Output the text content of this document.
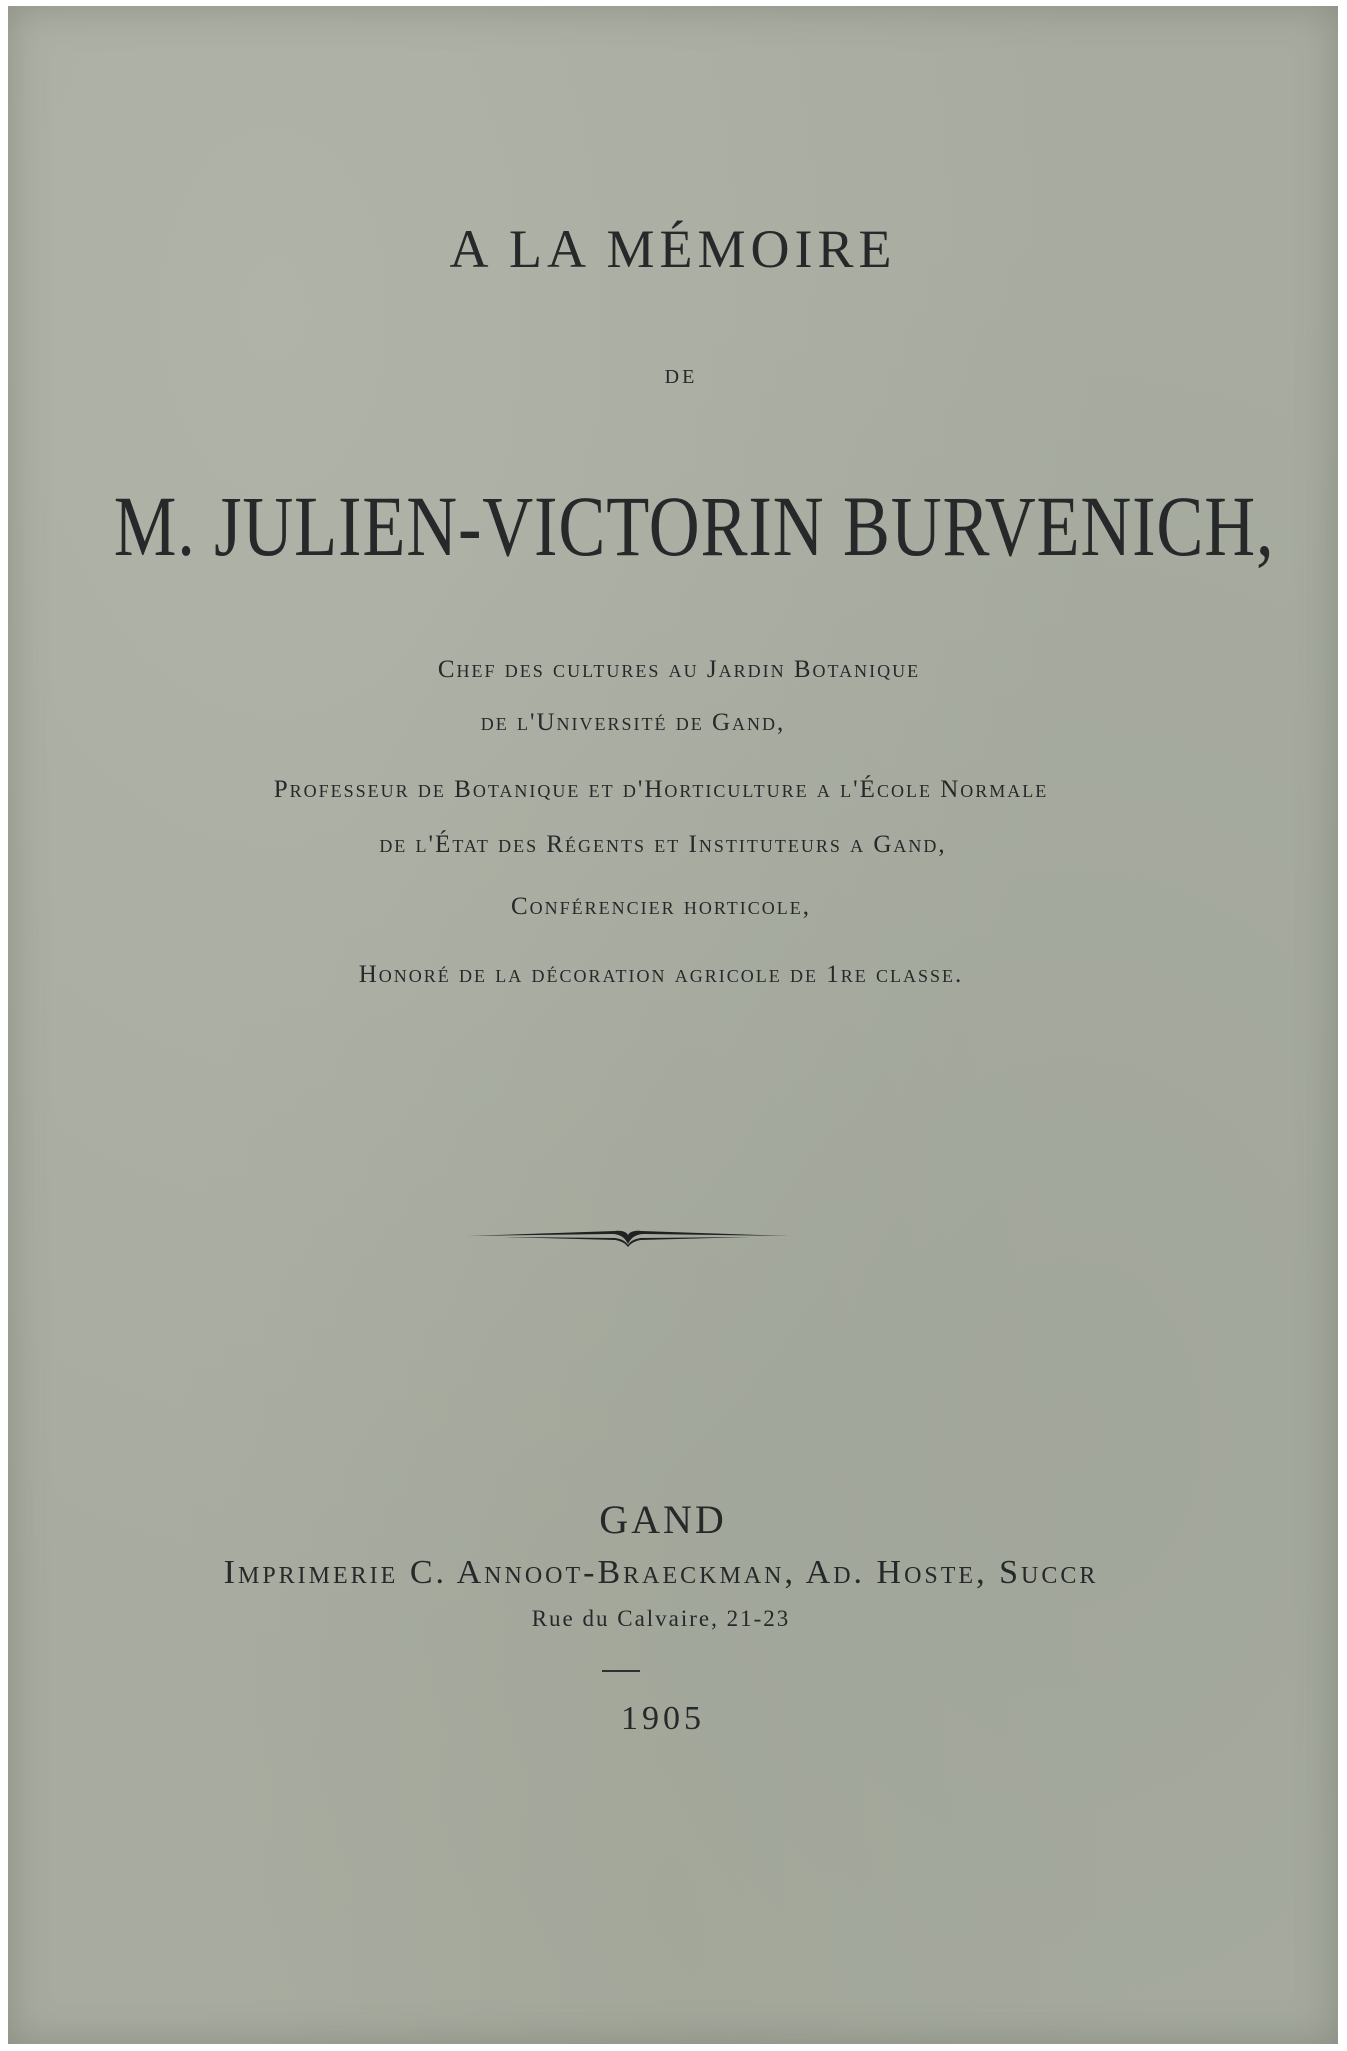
A LA MÉMOIRE
DE
M. JULIEN-VICTORIN BURVENICH,
Chef des cultures au Jardin Botanique
de l'Université de Gand,
Professeur de Botanique et d'Horticulture a l'École Normale
de l'État des Régents et Instituteurs a Gand,
Conférencier horticole,
Honoré de la décoration agricole de 1re classe.
GAND
Imprimerie C. Annoot-Braeckman, Ad. Hoste, Succr
Rue du Calvaire, 21-23
1905
